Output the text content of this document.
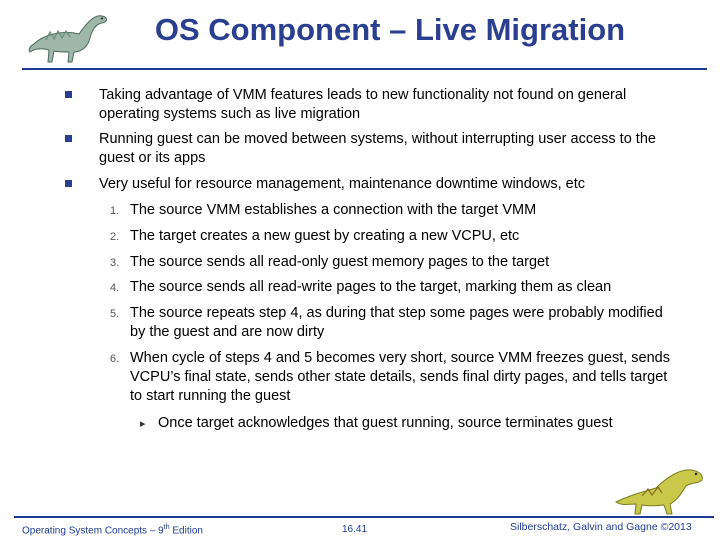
OS Component – Live Migration
Taking advantage of VMM features leads to new functionality not found on general operating systems such as live migration
Running guest can be moved between systems, without interrupting user access to the guest or its apps
Very useful for resource management, maintenance downtime windows, etc
1. The source VMM establishes a connection with the target VMM
2. The target creates a new guest by creating a new VCPU, etc
3. The source sends all read-only guest memory pages to the target
4. The source sends all read-write pages to the target, marking them as clean
5. The source repeats step 4, as during that step some pages were probably modified by the guest and are now dirty
6. When cycle of steps 4 and 5 becomes very short, source VMM freezes guest, sends VCPU’s final state, sends other state details, sends final dirty pages, and tells target to start running the guest
▸ Once target acknowledges that guest running, source terminates guest
Operating System Concepts – 9th Edition	16.41	Silberschatz, Galvin and Gagne ©2013
